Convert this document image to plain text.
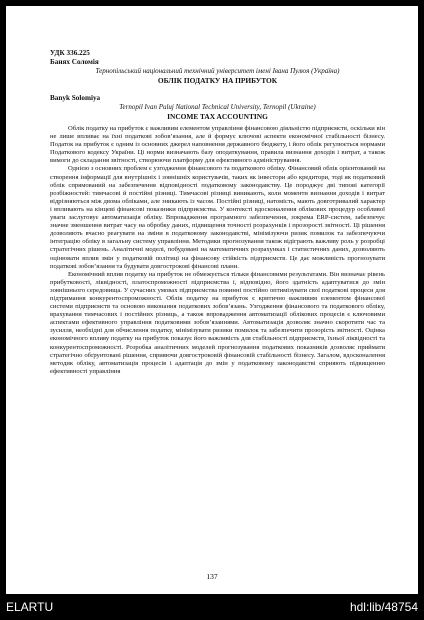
УДК 336.225

Банях Соломія

Тернопільський національний технічний університет імені Івана Пулюя (Україна)

ОБЛІК ПОДАТКУ НА ПРИБУТОК

Banyk Solomiya

Ternopil Ivan Puluj National Technical University, Ternopil (Ukraine)

INCOME TAX ACCOUNTING

Облік податку на прибуток є важливим елементом управління фінансовою діяльністю підприємств, оскільки він не лише впливає на їхні податкові зобов’язання, але й формує ключові аспекти економічної стабільності бізнесу. Податок на прибуток є одним із основних джерел наповнення державного бюджету, і його облік регулюється нормами Податкового кодексу України. Ці норми визначають базу оподаткування, правила визнання доходів і витрат, а також вимоги до складання звітності, створюючи платформу для ефективного адміністрування.

Однією з основних проблем є узгодження фінансового та податкового обліку. Фінансовий облік орієнтований на створення інформації для внутрішніх і зовнішніх користувачів, таких як інвестори або кредитори, тоді як податковий облік спрямований на забезпечення відповідності податковому законодавству. Це породжує дві типові категорії розбіжностей: тимчасові й постійні різниці. Тимчасові різниці виникають, коли моменти визнання доходів і витрат відрізняються між двома обліками, але зникають із часом. Постійні різниці, натомість, мають довготривалий характер і впливають на кінцеві фінансові показники підприємства. У контексті вдосконалення облікових процедур особливої уваги заслуговує автоматизація обліку. Впровадження програмного забезпечення, зокрема ERP-систем, забезпечує значне зменшення витрат часу на обробку даних, підвищення точності розрахунків і прозорості звітності. Ці рішення дозволяють вчасно реагувати на зміни в податковому законодавстві, мінімізуючи ризик помилок та забезпечуючи інтеграцію обліку в загальну систему управління. Методики прогнозування також відіграють важливу роль у розробці стратегічних рішень. Аналітичні моделі, побудовані на математичних розрахунках і статистичних даних, дозволяють оцінювати вплив змін у податковій політиці на фінансову стійкість підприємств. Це дає можливість прогнозувати податкові зобов’язання та будувати довгострокові фінансові плани.

Економічний вплив податку на прибуток не обмежується тільки фінансовими результатами. Він визначає рівень прибутковості, ліквідності, платоспроможності підприємства і, відповідно, його здатність адаптуватися до змін зовнішнього середовища. У сучасних умовах підприємства повинні постійно оптимізувати свої податкові процеси для підтримання конкурентоспроможності. Облік податку на прибуток є критично важливим елементом фінансової системи підприємств та основою виконання податкових зобов’язань. Узгодження фінансового та податкового обліку, врахування тимчасових і постійних різниць, а також впровадження автоматизації облікових процесів є ключовими аспектами ефективного управління податковими зобов’язаннями. Автоматизація дозволяє значно скоротити час та зусилля, необхідні для обчислення податку, мінімізувати ризики помилок та забезпечити прозорість звітності. Оцінка економічного впливу податку на прибуток показує його важливість для стабільності підприємств, їхньої ліквідності та конкурентоспроможності. Розробка аналітичних моделей прогнозування податкових показників дозволяє приймати стратегічно обґрунтовані рішення, сприяючи довгостроковій фінансовій стабільності бізнесу. Загалом, вдосконалення методик обліку, автоматизація процесів і адаптація до змін у податковому законодавстві сприяють підвищенню ефективності управління

137
ELARTU	hdl:lib/48754
